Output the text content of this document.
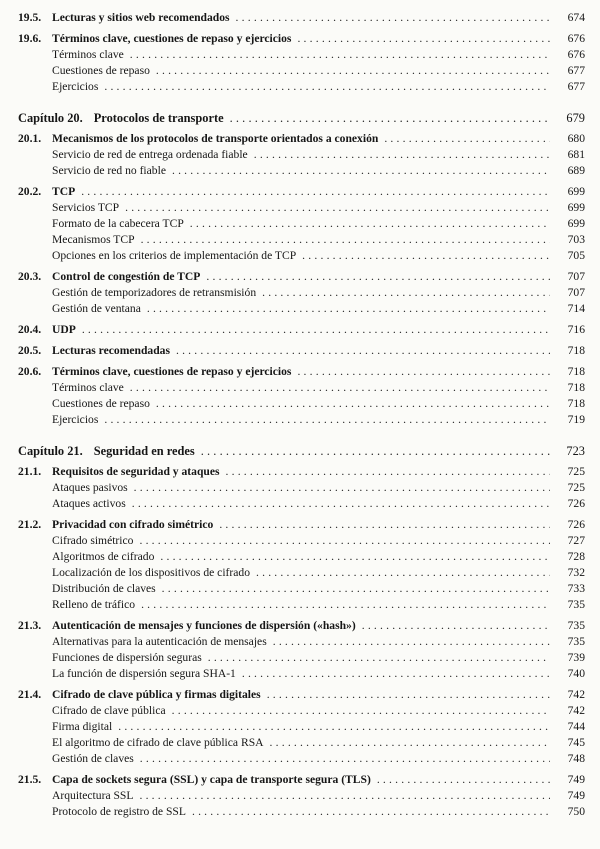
19.5. Lecturas y sitios web recomendados .....	674
19.6. Términos clave, cuestiones de repaso y ejercicios .....	676
Términos clave .....	676
Cuestiones de repaso .....	677
Ejercicios .....	677
Capítulo 20. Protocolos de transporte .....	679
20.1. Mecanismos de los protocolos de transporte orientados a conexión .....	680
Servicio de red de entrega ordenada fiable .....	681
Servicio de red no fiable .....	689
20.2. TCP .....	699
Servicios TCP .....	699
Formato de la cabecera TCP .....	699
Mecanismos TCP .....	703
Opciones en los criterios de implementación de TCP .....	705
20.3. Control de congestión de TCP .....	707
Gestión de temporizadores de retransmisión .....	707
Gestión de ventana .....	714
20.4. UDP .....	716
20.5. Lecturas recomendadas .....	718
20.6. Términos clave, cuestiones de repaso y ejercicios .....	718
Términos clave .....	718
Cuestiones de repaso .....	718
Ejercicios .....	719
Capítulo 21. Seguridad en redes .....	723
21.1. Requisitos de seguridad y ataques .....	725
Ataques pasivos .....	725
Ataques activos .....	726
21.2. Privacidad con cifrado simétrico .....	726
Cifrado simétrico .....	727
Algoritmos de cifrado .....	728
Localización de los dispositivos de cifrado .....	732
Distribución de claves .....	733
Relleno de tráfico .....	735
21.3. Autenticación de mensajes y funciones de dispersión («hash») .....	735
Alternativas para la autenticación de mensajes .....	735
Funciones de dispersión seguras .....	739
La función de dispersión segura SHA-1 .....	740
21.4. Cifrado de clave pública y firmas digitales .....	742
Cifrado de clave pública .....	742
Firma digital .....	744
El algoritmo de cifrado de clave pública RSA .....	745
Gestión de claves .....	748
21.5. Capa de sockets segura (SSL) y capa de transporte segura (TLS) .....	749
Arquitectura SSL .....	749
Protocolo de registro de SSL .....	750
